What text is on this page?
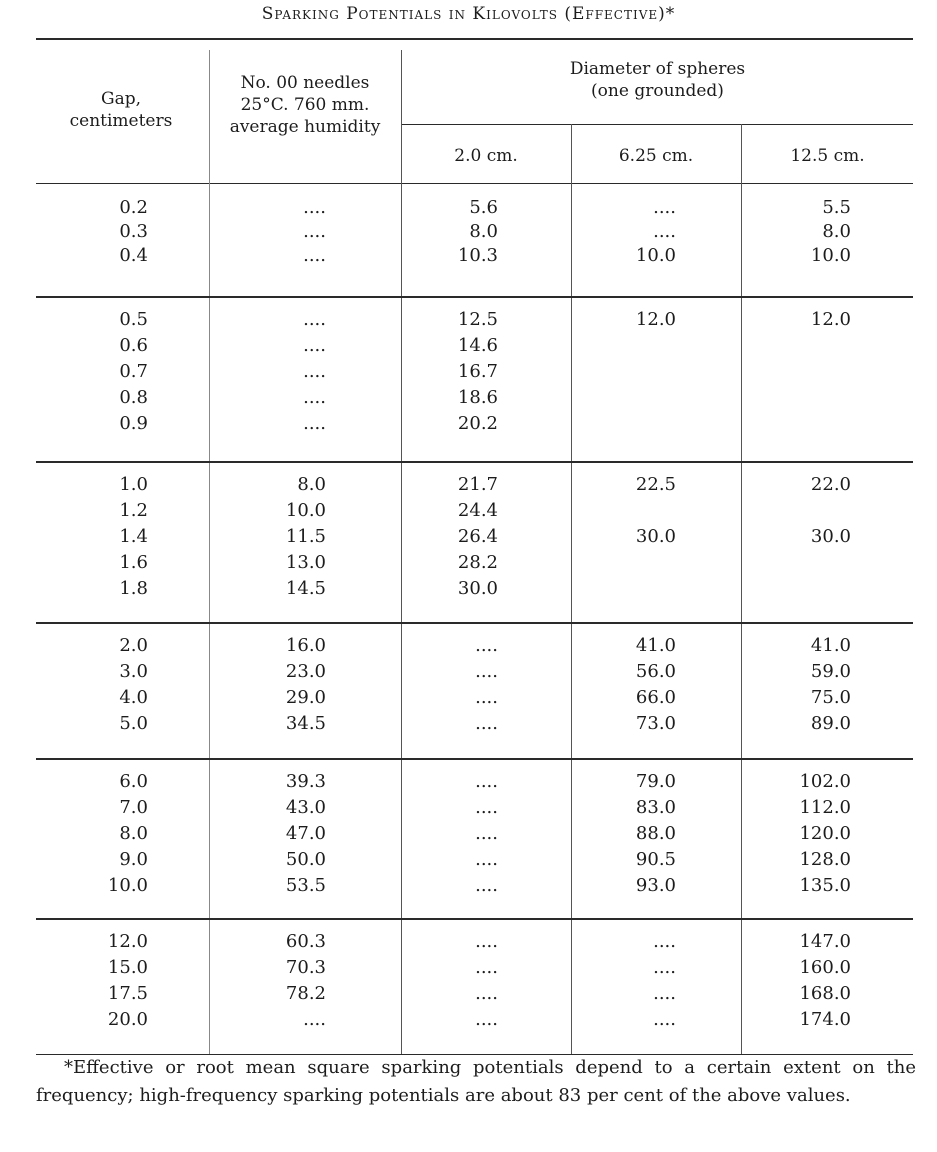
Sparking Potentials in Kilovolts (Effective)*
Gap,
centimeters
No. 00 needles
25°C. 760 mm.
average humidity
Diameter of spheres
(one grounded)
2.0 cm.	6.25 cm.	12.5 cm.
0.2	....	5.6	....	5.5
0.3	....	8.0	....	8.0
0.4	....	10.3	10.0	10.0
0.5	....	12.5	12.0	12.0
0.6	....	14.6
0.7	....	16.7
0.8	....	18.6
0.9	....	20.2
1.0	8.0	21.7	22.5	22.0
1.2	10.0	24.4
1.4	11.5	26.4	30.0	30.0
1.6	13.0	28.2
1.8	14.5	30.0
2.0	16.0	....	41.0	41.0
3.0	23.0	....	56.0	59.0
4.0	29.0	....	66.0	75.0
5.0	34.5	....	73.0	89.0
6.0	39.3	....	79.0	102.0
7.0	43.0	....	83.0	112.0
8.0	47.0	....	88.0	120.0
9.0	50.0	....	90.5	128.0
10.0	53.5	....	93.0	135.0
12.0	60.3	....	....	147.0
15.0	70.3	....	....	160.0
17.5	78.2	....	....	168.0
20.0	....	....	....	174.0

*Effective or root mean square sparking potentials depend to a certain extent on the frequency; high-frequency sparking potentials are about 83 per cent of the above values.
